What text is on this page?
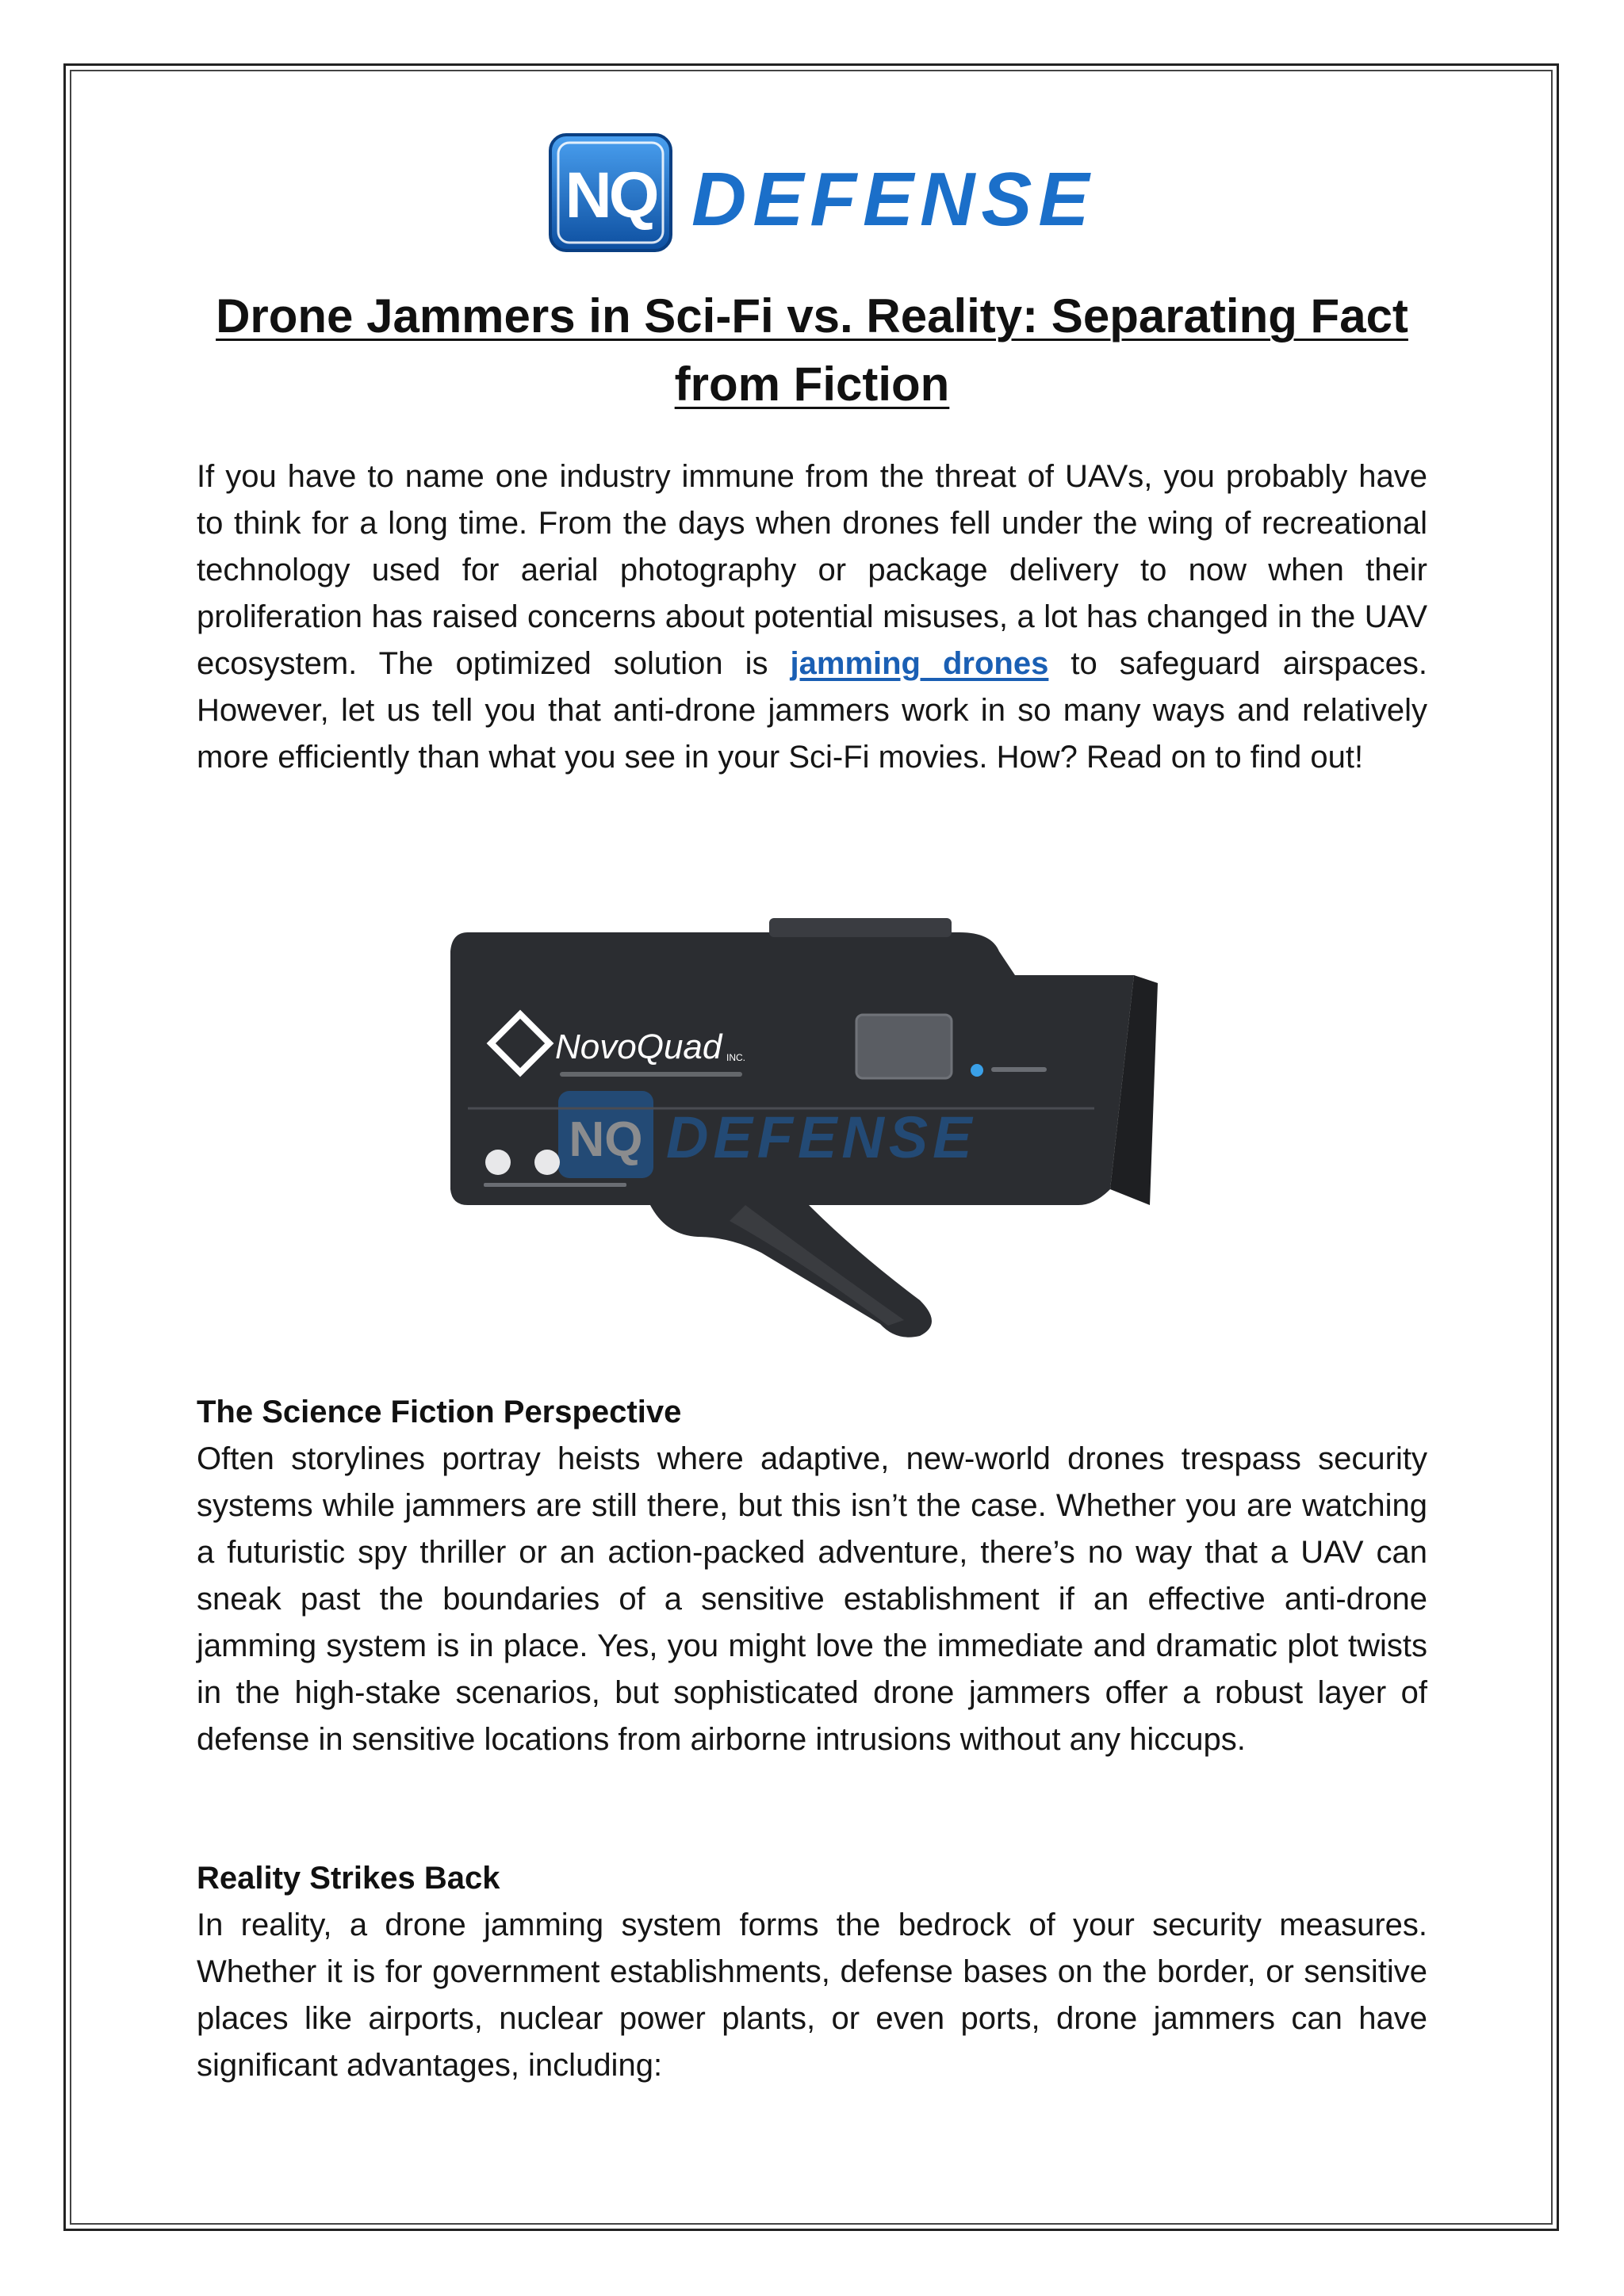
NQ DEFENSE
Drone Jammers in Sci-Fi vs. Reality: Separating Fact from Fiction

If you have to name one industry immune from the threat of UAVs, you probably have to think for a long time. From the days when drones fell under the wing of recreational technology used for aerial photography or package delivery to now when their proliferation has raised concerns about potential misuses, a lot has changed in the UAV ecosystem. The optimized solution is jamming drones to safeguard airspaces. However, let us tell you that anti-drone jammers work in so many ways and relatively more efficiently than what you see in your Sci-Fi movies. How? Read on to find out!

NovoQuad INC.
NQ DEFENSE
The Science Fiction Perspective

Often storylines portray heists where adaptive, new-world drones trespass security systems while jammers are still there, but this isn’t the case. Whether you are watching a futuristic spy thriller or an action-packed adventure, there’s no way that a UAV can sneak past the boundaries of a sensitive establishment if an effective anti-drone jamming system is in place. Yes, you might love the immediate and dramatic plot twists in the high-stake scenarios, but sophisticated drone jammers offer a robust layer of defense in sensitive locations from airborne intrusions without any hiccups.

Reality Strikes Back

In reality, a drone jamming system forms the bedrock of your security measures. Whether it is for government establishments, defense bases on the border, or sensitive places like airports, nuclear power plants, or even ports, drone jammers can have significant advantages, including:
